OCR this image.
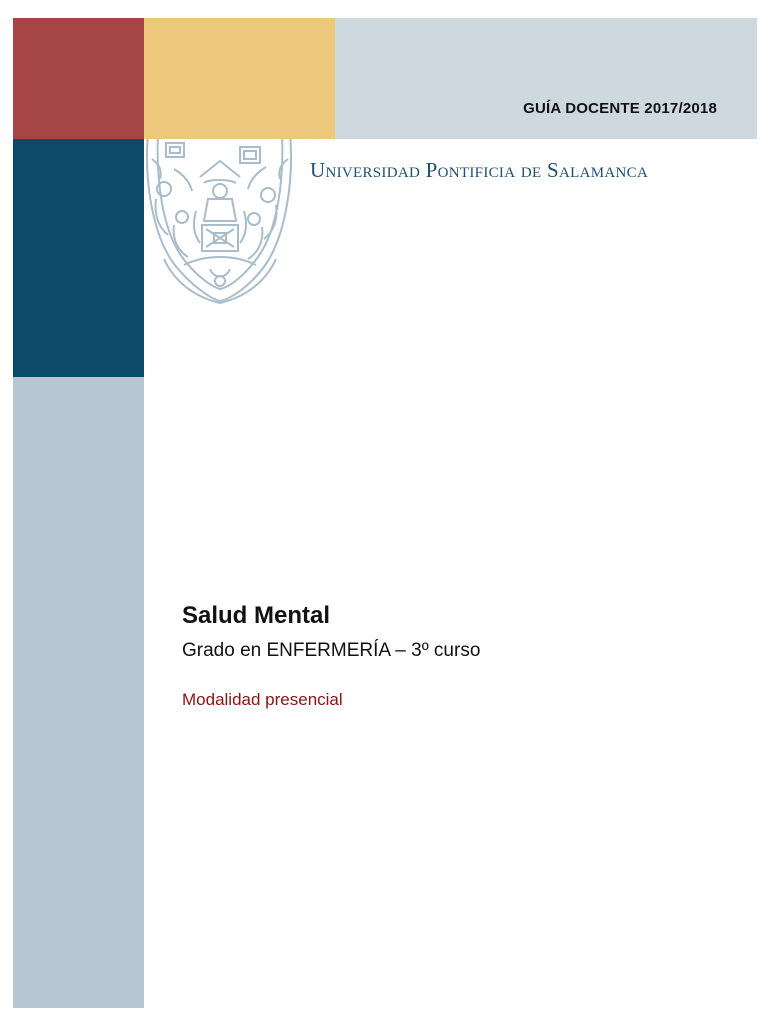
GUÍA DOCENTE 2017/2018
Universidad Pontificia de Salamanca
Salud Mental
Grado en ENFERMERÍA – 3º curso
Modalidad presencial
